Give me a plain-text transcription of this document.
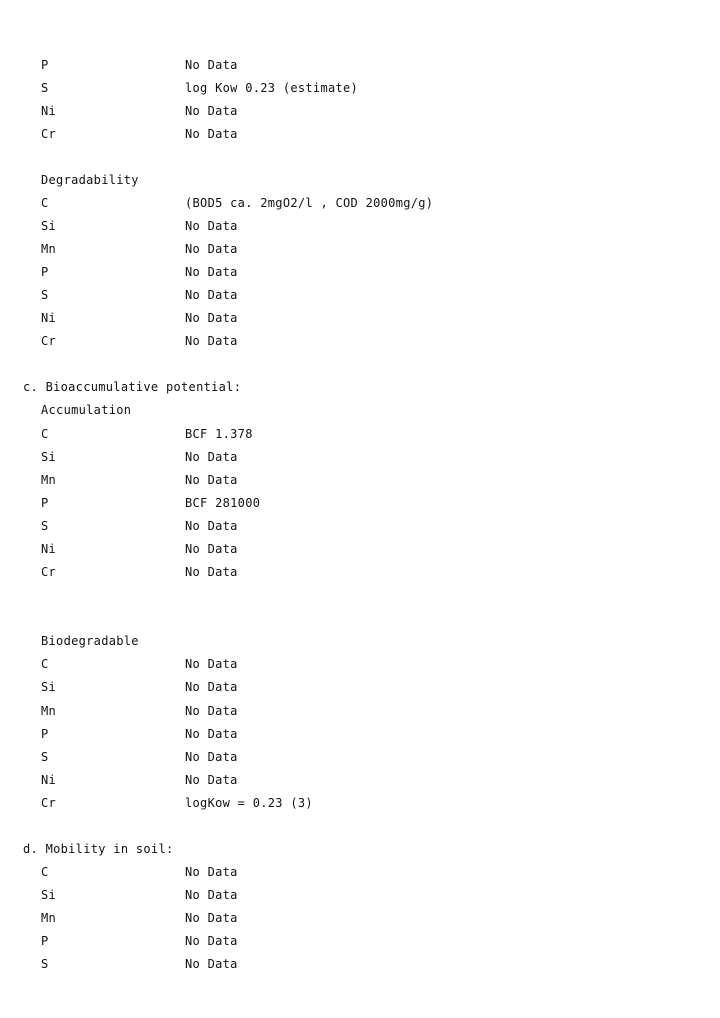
P	No Data
S	log Kow 0.23 (estimate)
Ni	No Data
Cr	No Data
Degradability
C	(BOD5 ca. 2mgO2/l , COD 2000mg/g)
Si	No Data
Mn	No Data
P	No Data
S	No Data
Ni	No Data
Cr	No Data
c. Bioaccumulative potential:
Accumulation
C	BCF 1.378
Si	No Data
Mn	No Data
P	BCF 281000
S	No Data
Ni	No Data
Cr	No Data
Biodegradable
C	No Data
Si	No Data
Mn	No Data
P	No Data
S	No Data
Ni	No Data
Cr	logKow = 0.23 (3)
d. Mobility in soil:
C	No Data
Si	No Data
Mn	No Data
P	No Data
S	No Data
